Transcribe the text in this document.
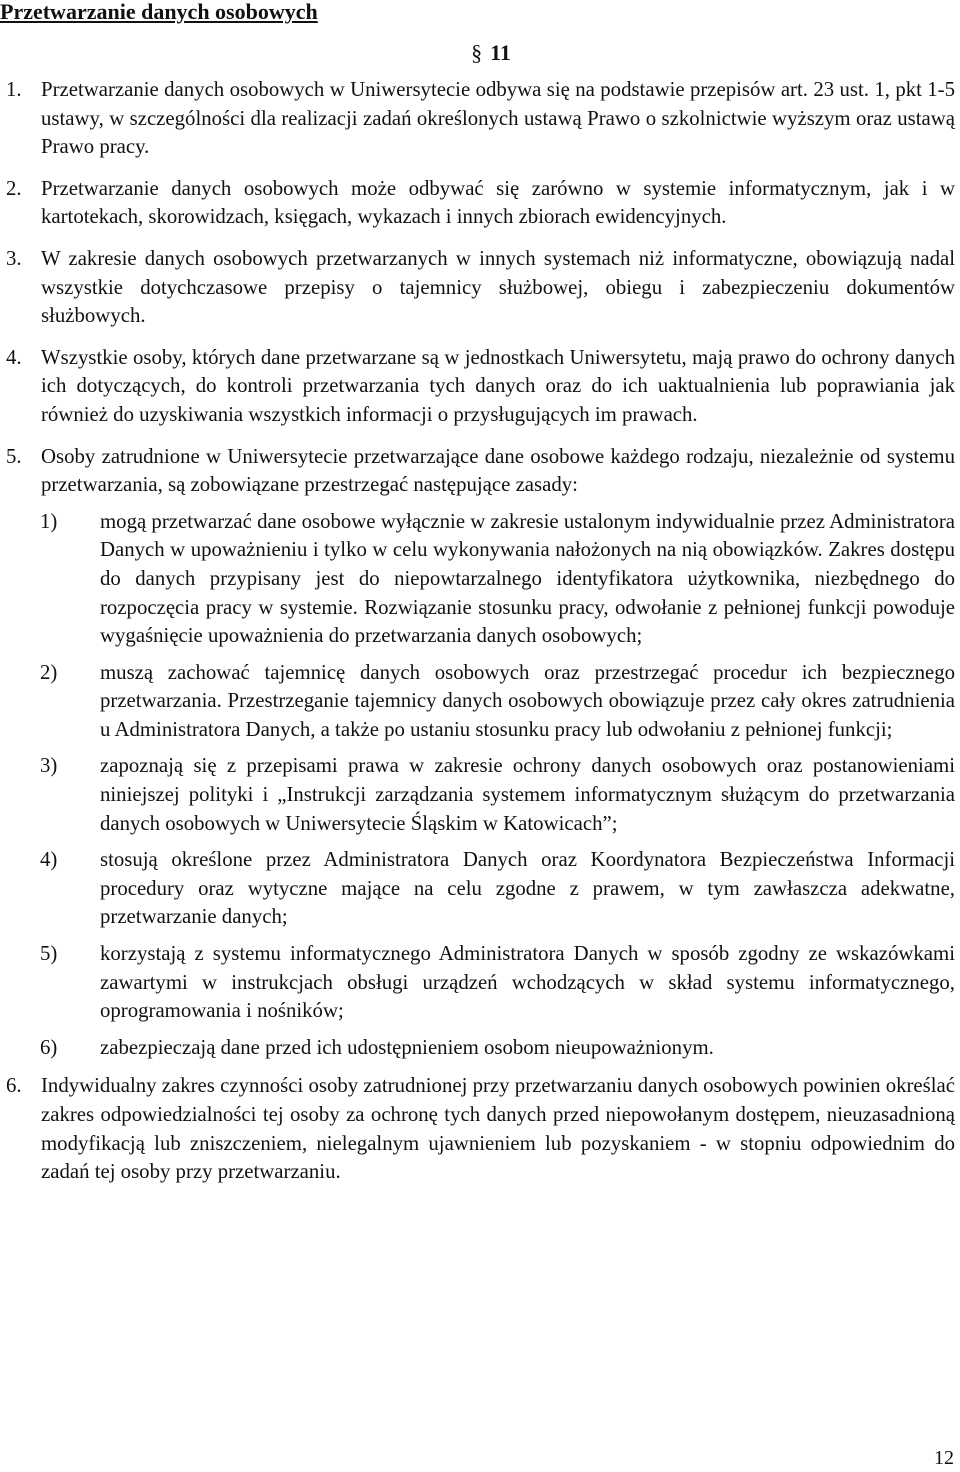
Przetwarzanie danych osobowych
§ 11
1. Przetwarzanie danych osobowych w Uniwersytecie odbywa się na podstawie przepisów art. 23 ust. 1, pkt 1-5 ustawy, w szczególności dla realizacji zadań określonych ustawą Prawo o szkolnictwie wyższym oraz ustawą Prawo pracy.
2. Przetwarzanie danych osobowych może odbywać się zarówno w systemie informatycznym, jak i w kartotekach, skorowidzach, księgach, wykazach i innych zbiorach ewidencyjnych.
3. W zakresie danych osobowych przetwarzanych w innych systemach niż informatyczne, obowiązują nadal wszystkie dotychczasowe przepisy o tajemnicy służbowej, obiegu i zabezpieczeniu dokumentów służbowych.
4. Wszystkie osoby, których dane przetwarzane są w jednostkach Uniwersytetu, mają prawo do ochrony danych ich dotyczących, do kontroli przetwarzania tych danych oraz do ich uaktualnienia lub poprawiania jak również do uzyskiwania wszystkich informacji o przysługujących im prawach.
5. Osoby zatrudnione w Uniwersytecie przetwarzające dane osobowe każdego rodzaju, niezależnie od systemu przetwarzania, są zobowiązane przestrzegać następujące zasady:
1)	mogą przetwarzać dane osobowe wyłącznie w zakresie ustalonym indywidualnie przez Administratora Danych w upoważnieniu i tylko w celu wykonywania nałożonych na nią obowiązków. Zakres dostępu do danych przypisany jest do niepowtarzalnego identyfikatora użytkownika, niezbędnego do rozpoczęcia pracy w systemie. Rozwiązanie stosunku pracy, odwołanie z pełnionej funkcji powoduje wygaśnięcie upoważnienia do przetwarzania danych osobowych;
2)	muszą zachować tajemnicę danych osobowych oraz przestrzegać procedur ich bezpiecznego przetwarzania. Przestrzeganie tajemnicy danych osobowych obowiązuje przez cały okres zatrudnienia u Administratora Danych, a także po ustaniu stosunku pracy lub odwołaniu z pełnionej funkcji;
3)	zapoznają się z przepisami prawa w zakresie ochrony danych osobowych oraz postanowieniami niniejszej polityki i „Instrukcji zarządzania systemem informatycznym służącym do przetwarzania danych osobowych w Uniwersytecie Śląskim w Katowicach”;
4)	stosują określone przez Administratora Danych oraz Koordynatora Bezpieczeństwa Informacji procedury oraz wytyczne mające na celu zgodne z prawem, w tym zawłaszcza adekwatne, przetwarzanie danych;
5)	korzystają z systemu informatycznego Administratora Danych w sposób zgodny ze wskazówkami zawartymi w instrukcjach obsługi urządzeń wchodzących w skład systemu informatycznego, oprogramowania i nośników;
6)	zabezpieczają dane przed ich udostępnieniem osobom nieupoważnionym.
6. Indywidualny zakres czynności osoby zatrudnionej przy przetwarzaniu danych osobowych powinien określać zakres odpowiedzialności tej osoby za ochronę tych danych przed niepowołanym dostępem, nieuzasadnioną modyfikacją lub zniszczeniem, nielegalnym ujawnieniem lub pozyskaniem - w stopniu odpowiednim do zadań tej osoby przy przetwarzaniu.
12
